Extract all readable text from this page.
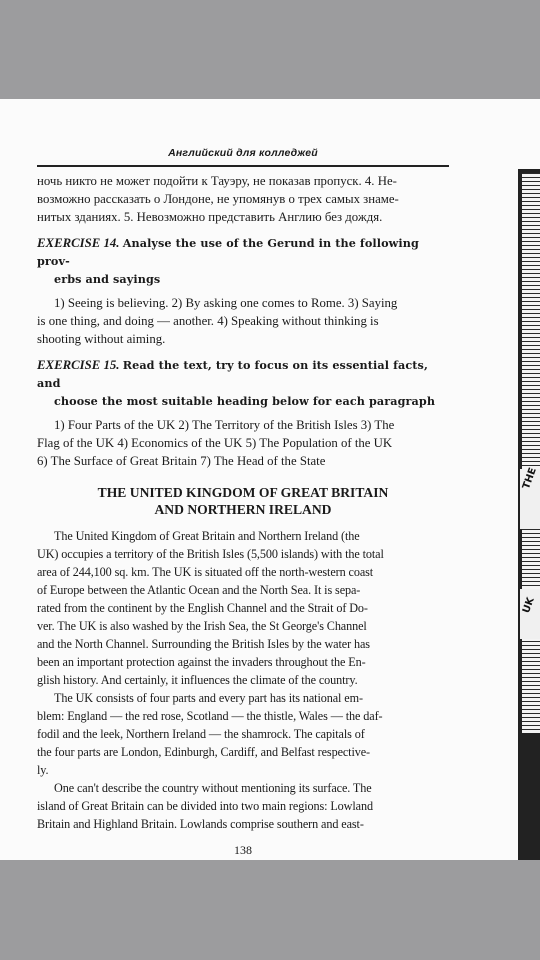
Английский для колледжей

ночь никто не может подойти к Тауэру, не показав пропуск. 4. Не-

возможно рассказать о Лондоне, не упомянув о трех самых знаме-

нитых зданиях. 5. Невозможно представить Англию без дождя.

EXERCISE 14. Analyse the use of the Gerund in the following prov-

erbs and sayings

1) Seeing is believing. 2) By asking one comes to Rome. 3) Saying

is one thing, and doing — another. 4) Speaking without thinking is

shooting without aiming.

EXERCISE 15. Read the text, try to focus on its essential facts, and

choose the most suitable heading below for each paragraph

1) Four Parts of the UK 2) The Territory of the British Isles 3) The

Flag of the UK 4) Economics of the UK 5) The Population of the UK

6) The Surface of Great Britain 7) The Head of the State

THE UNITED KINGDOM OF GREAT BRITAIN
AND NORTHERN IRELAND

The United Kingdom of Great Britain and Northern Ireland (the

UK) occupies a territory of the British Isles (5,500 islands) with the total

area of 244,100 sq. km. The UK is situated off the north-western coast

of Europe between the Atlantic Ocean and the North Sea. It is sepa-

rated from the continent by the English Channel and the Strait of Do-

ver. The UK is also washed by the Irish Sea, the St George's Channel

and the North Channel. Surrounding the British Isles by the water has

been an important protection against the invaders throughout the En-

glish history. And certainly, it influences the climate of the country.

The UK consists of four parts and every part has its national em-

blem: England — the red rose, Scotland — the thistle, Wales — the daf-

fodil and the leek, Northern Ireland — the shamrock. The capitals of

the four parts are London, Edinburgh, Cardiff, and Belfast respective-

ly.

One can't describe the country without mentioning its surface. The

island of Great Britain can be divided into two main regions: Lowland

Britain and Highland Britain. Lowlands comprise southern and east-

138
THE
UK
